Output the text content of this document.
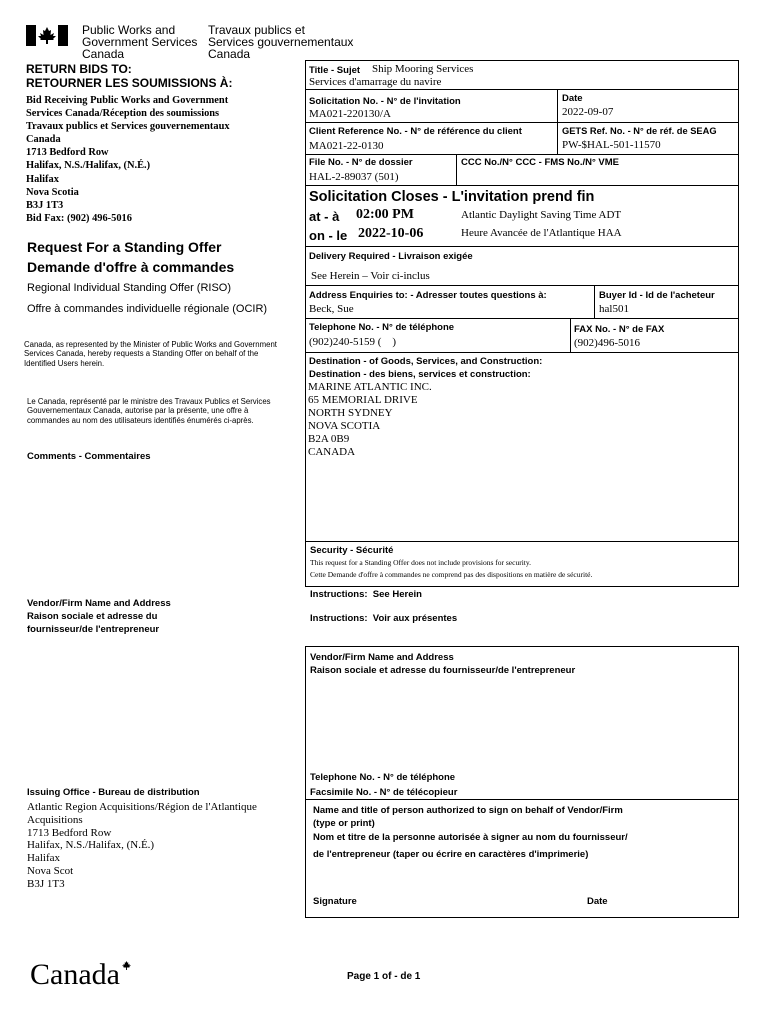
Public Works and
Government Services
Canada
Travaux publics et
Services gouvernementaux
Canada
RETURN BIDS TO:
RETOURNER LES SOUMISSIONS À:
Bid Receiving Public Works and Government
Services Canada/Réception des soumissions
Travaux publics et Services gouvernementaux
Canada
1713 Bedford Row
Halifax, N.S./Halifax, (N.É.)
Halifax
Nova Scotia
B3J 1T3
Bid Fax: (902) 496-5016
Request For a Standing Offer
Demande d'offre à commandes
Regional Individual Standing Offer (RISO)
Offre à commandes individuelle régionale (OCIR)
Canada, as represented by the Minister of Public Works and Government Services Canada, hereby requests a Standing Offer on behalf of the Identified Users herein.
Le Canada, représenté par le ministre des Travaux Publics et Services Gouvernementaux Canada, autorise par la présente, une offre à commandes au nom des utilisateurs identifiés énumérés ci-après.
Comments - Commentaires
Vendor/Firm Name and Address
Raison sociale et adresse du
fournisseur/de l'entrepreneur
Issuing Office - Bureau de distribution
Atlantic Region Acquisitions/Région de l'Atlantique
Acquisitions
1713 Bedford Row
Halifax, N.S./Halifax, (N.É.)
Halifax
Nova Scot
B3J 1T3
Title - Sujet Ship Mooring Services
Services d'amarrage du navire
Solicitation No. - N° de l'invitation
MA021-220130/A
Date
2022-09-07
Client Reference No. - N° de référence du client
MA021-22-0130
GETS Ref. No. - N° de réf. de SEAG
PW-$HAL-501-11570
File No. - N° de dossier
HAL-2-89037 (501)
CCC No./N° CCC - FMS No./N° VME
Solicitation Closes - L'invitation prend fin
at - à 02:00 PM
on - le 2022-10-06
Atlantic Daylight Saving Time ADT
Heure Avancée de l'Atlantique HAA
Delivery Required - Livraison exigée
See Herein – Voir ci-inclus
Address Enquiries to: - Adresser toutes questions à:
Beck, Sue
Buyer Id - Id de l'acheteur
hal501
Telephone No. - N° de téléphone
(902)240-5159 (    )
FAX No. - N° de FAX
(902)496-5016
Destination - of Goods, Services, and Construction:
Destination - des biens, services et construction:
MARINE ATLANTIC INC.
65 MEMORIAL DRIVE
NORTH SYDNEY
NOVA SCOTIA
B2A 0B9
CANADA
Security - Sécurité
This request for a Standing Offer does not include provisions for security.
Cette Demande d'offre à commandes ne comprend pas des dispositions en matière de sécurité.
Instructions:  See Herein
Instructions:  Voir aux présentes
Vendor/Firm Name and Address
Raison sociale et adresse du fournisseur/de l'entrepreneur
Telephone No. - N° de téléphone
Facsimile No. - N° de télécopieur
Name and title of person authorized to sign on behalf of Vendor/Firm
(type or print)
Nom et titre de la personne autorisée à signer au nom du fournisseur/
de l'entrepreneur (taper ou écrire en caractères d'imprimerie)
Signature	Date
Canada	Page 1 of - de 1
